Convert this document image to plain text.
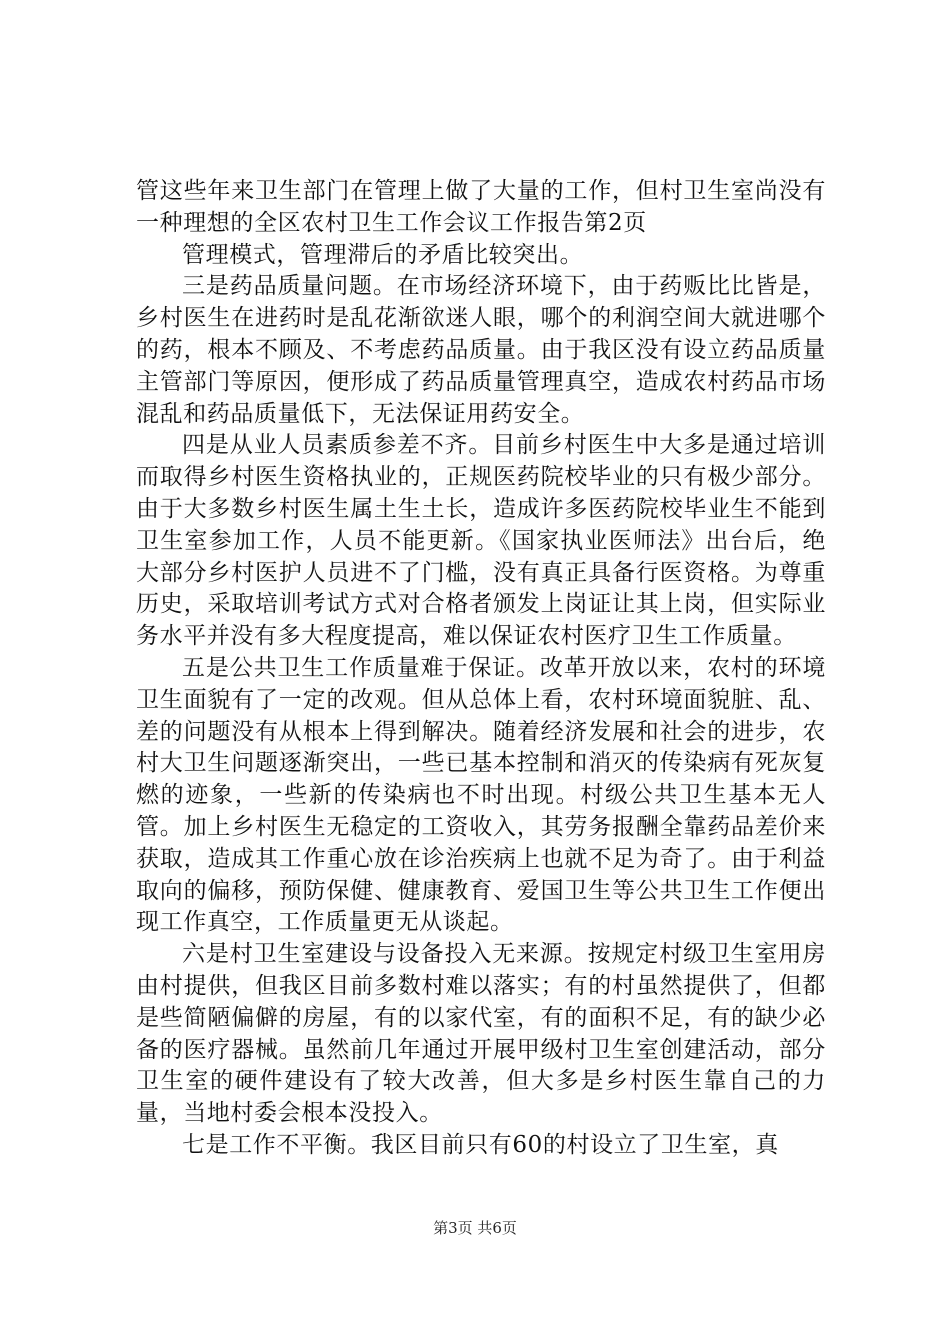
管这些年来卫生部门在管理上做了大量的工作，但村卫生室尚没有一种理想的全区农村卫生工作会议工作报告第2页

管理模式，管理滞后的矛盾比较突出。

三是药品质量问题。在市场经济环境下，由于药贩比比皆是，乡村医生在进药时是乱花渐欲迷人眼，哪个的利润空间大就进哪个的药，根本不顾及、不考虑药品质量。由于我区没有设立药品质量主管部门等原因，便形成了药品质量管理真空，造成农村药品市场混乱和药品质量低下，无法保证用药安全。

四是从业人员素质参差不齐。目前乡村医生中大多是通过培训而取得乡村医生资格执业的，正规医药院校毕业的只有极少部分。由于大多数乡村医生属土生土长，造成许多医药院校毕业生不能到卫生室参加工作，人员不能更新。《国家执业医师法》出台后，绝大部分乡村医护人员进不了门槛，没有真正具备行医资格。为尊重历史，采取培训考试方式对合格者颁发上岗证让其上岗，但实际业务水平并没有多大程度提高，难以保证农村医疗卫生工作质量。

五是公共卫生工作质量难于保证。改革开放以来，农村的环境卫生面貌有了一定的改观。但从总体上看，农村环境面貌脏、乱、差的问题没有从根本上得到解决。随着经济发展和社会的进步，农村大卫生问题逐渐突出，一些已基本控制和消灭的传染病有死灰复燃的迹象，一些新的传染病也不时出现。村级公共卫生基本无人管。加上乡村医生无稳定的工资收入，其劳务报酬全靠药品差价来获取，造成其工作重心放在诊治疾病上也就不足为奇了。由于利益取向的偏移，预防保健、健康教育、爱国卫生等公共卫生工作便出现工作真空，工作质量更无从谈起。

六是村卫生室建设与设备投入无来源。按规定村级卫生室用房由村提供，但我区目前多数村难以落实；有的村虽然提供了，但都是些简陋偏僻的房屋，有的以家代室，有的面积不足，有的缺少必备的医疗器械。虽然前几年通过开展甲级村卫生室创建活动，部分卫生室的硬件建设有了较大改善，但大多是乡村医生靠自己的力量，当地村委会根本没投入。

七是工作不平衡。我区目前只有60的村设立了卫生室，真

第3页 共6页
